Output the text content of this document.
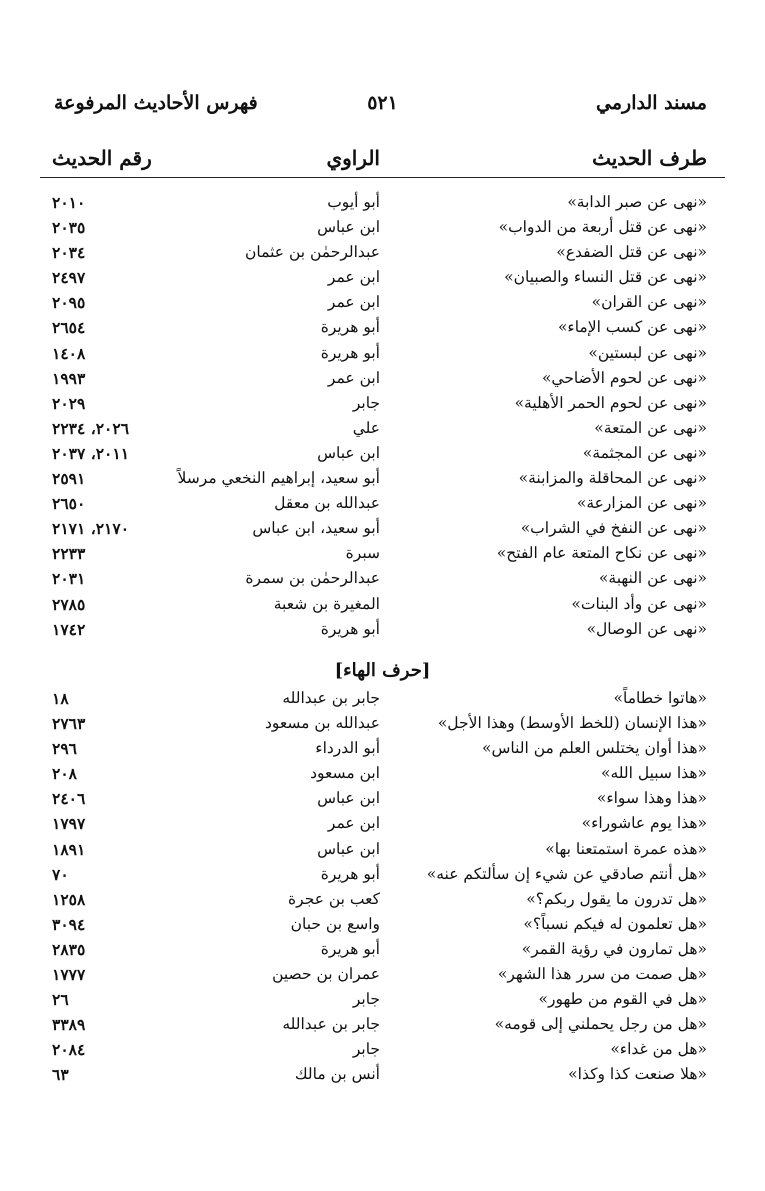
مسند الدارمي
٥٢١
فهرس الأحاديث المرفوعة
طرف الحديث
الراوي
رقم الحديث
«نهى عن صبر الدابة»
أبو أيوب
٢٠١٠
«نهى عن قتل أربعة من الدواب»
ابن عباس
٢٠٣٥
«نهى عن قتل الضفدع»
عبدالرحمٰن بن عثمان
٢٠٣٤
«نهى عن قتل النساء والصبيان»
ابن عمر
٢٤٩٧
«نهى عن القران»
ابن عمر
٢٠٩٥
«نهى عن كسب الإماء»
أبو هريرة
٢٦٥٤
«نهى عن لبستين»
أبو هريرة
١٤٠٨
«نهى عن لحوم الأضاحي»
ابن عمر
١٩٩٣
«نهى عن لحوم الحمر الأهلية»
جابر
٢٠٢٩
«نهى عن المتعة»
علي
٢٠٢٦، ٢٢٣٤
«نهى عن المجثمة»
ابن عباس
٢٠١١، ٢٠٣٧
«نهى عن المحاقلة والمزابنة»
أبو سعيد، إبراهيم النخعي مرسلاً
٢٥٩١
«نهى عن المزارعة»
عبدالله بن معقل
٢٦٥٠
«نهى عن النفخ في الشراب»
أبو سعيد، ابن عباس
٢١٧٠، ٢١٧١
«نهى عن نكاح المتعة عام الفتح»
سبرة
٢٢٣٣
«نهى عن النهبة»
عبدالرحمٰن بن سمرة
٢٠٣١
«نهى عن وأد البنات»
المغيرة بن شعبة
٢٧٨٥
«نهى عن الوصال»
أبو هريرة
١٧٤٢
[حرف الهاء]
«هاتوا خطاماً»
جابر بن عبدالله
١٨
«هذا الإنسان (للخط الأوسط) وهذا الأجل»
عبدالله بن مسعود
٢٧٦٣
«هذا أوان يختلس العلم من الناس»
أبو الدرداء
٢٩٦
«هذا سبيل الله»
ابن مسعود
٢٠٨
«هذا وهذا سواء»
ابن عباس
٢٤٠٦
«هذا يوم عاشوراء»
ابن عمر
١٧٩٧
«هذه عمرة استمتعنا بها»
ابن عباس
١٨٩١
«هل أنتم صادقي عن شيء إن سألتكم عنه»
أبو هريرة
٧٠
«هل تدرون ما يقول ربكم؟»
كعب بن عجرة
١٢٥٨
«هل تعلمون له فيكم نسباً؟»
واسع بن حبان
٣٠٩٤
«هل تمارون في رؤية القمر»
أبو هريرة
٢٨٣٥
«هل صمت من سرر هذا الشهر»
عمران بن حصين
١٧٧٧
«هل في القوم من طهور»
جابر
٢٦
«هل من رجل يحملني إلى قومه»
جابر بن عبدالله
٣٣٨٩
«هل من غداء»
جابر
٢٠٨٤
«هلا صنعت كذا وكذا»
أنس بن مالك
٦٣
